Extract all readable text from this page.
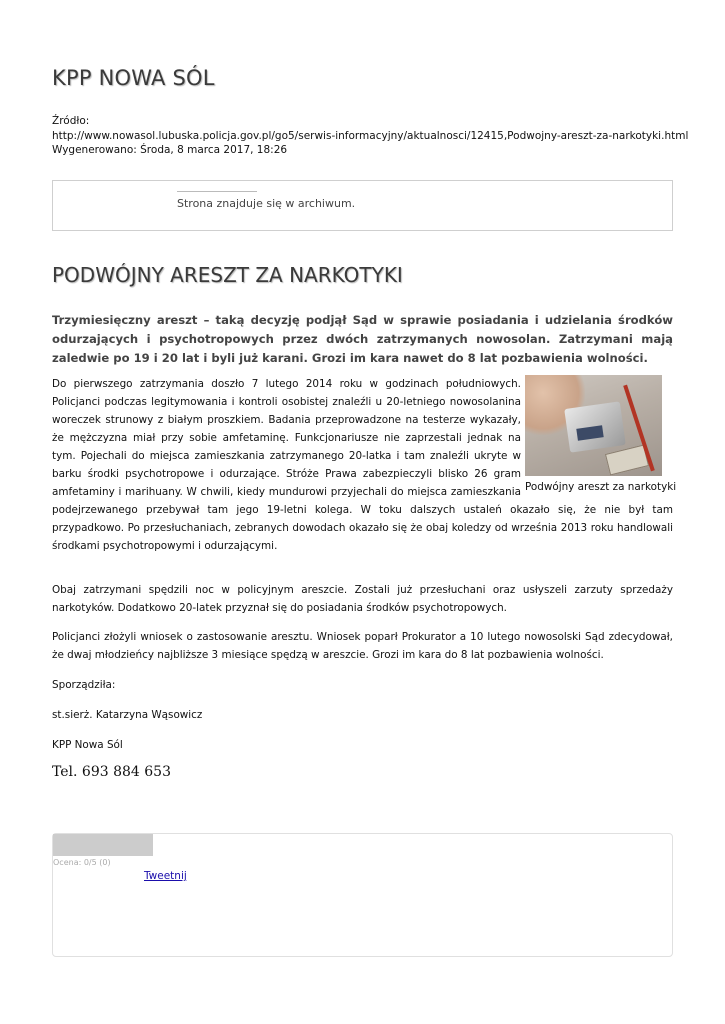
KPP NOWA SÓL
Źródło:
http://www.nowasol.lubuska.policja.gov.pl/go5/serwis-informacyjny/aktualnosci/12415,Podwojny-areszt-za-narkotyki.html
Wygenerowano: Środa, 8 marca 2017, 18:26
Strona znajduje się w archiwum.
PODWÓJNY ARESZT ZA NARKOTYKI

Trzymiesięczny areszt – taką decyzję podjął Sąd w sprawie posiadania i udzielania środków odurzających i psychotropowych przez dwóch zatrzymanych nowosolan. Zatrzymani mają zaledwie po 19 i 20 lat i byli już karani. Grozi im kara nawet do 8 lat pozbawienia wolności.

Podwójny areszt za narkotyki

Do pierwszego zatrzymania doszło 7 lutego 2014 roku w godzinach południowych. Policjanci podczas legitymowania i kontroli osobistej znaleźli u 20-letniego nowosolanina woreczek strunowy z białym proszkiem. Badania przeprowadzone na testerze wykazały, że mężczyzna miał przy sobie amfetaminę. Funkcjonariusze nie zaprzestali jednak na tym. Pojechali do miejsca zamieszkania zatrzymanego 20-latka i tam znaleźli ukryte w barku środki psychotropowe i odurzające. Stróże Prawa zabezpieczyli blisko 26 gram amfetaminy i marihuany. W chwili, kiedy mundurowi przyjechali do miejsca zamieszkania podejrzewanego przebywał tam jego 19-letni kolega. W toku dalszych ustaleń okazało się, że nie był tam przypadkowo. Po przesłuchaniach, zebranych dowodach okazało się że obaj koledzy od września 2013 roku handlowali środkami psychotropowymi i odurzającymi.

Obaj zatrzymani spędzili noc w policyjnym areszcie. Zostali już przesłuchani oraz usłyszeli zarzuty sprzedaży narkotyków. Dodatkowo 20-latek przyznał się do posiadania środków psychotropowych.

Policjanci złożyli wniosek o zastosowanie aresztu. Wniosek poparł Prokurator a 10 lutego nowosolski Sąd zdecydował, że dwaj młodzieńcy najbliższe 3 miesiące spędzą w areszcie. Grozi im kara do 8 lat pozbawienia wolności.

Sporządziła:

st.sierż. Katarzyna Wąsowicz

KPP Nowa Sól

Tel. 693 884 653
Ocena: 0/5 (0)
Tweetnij
